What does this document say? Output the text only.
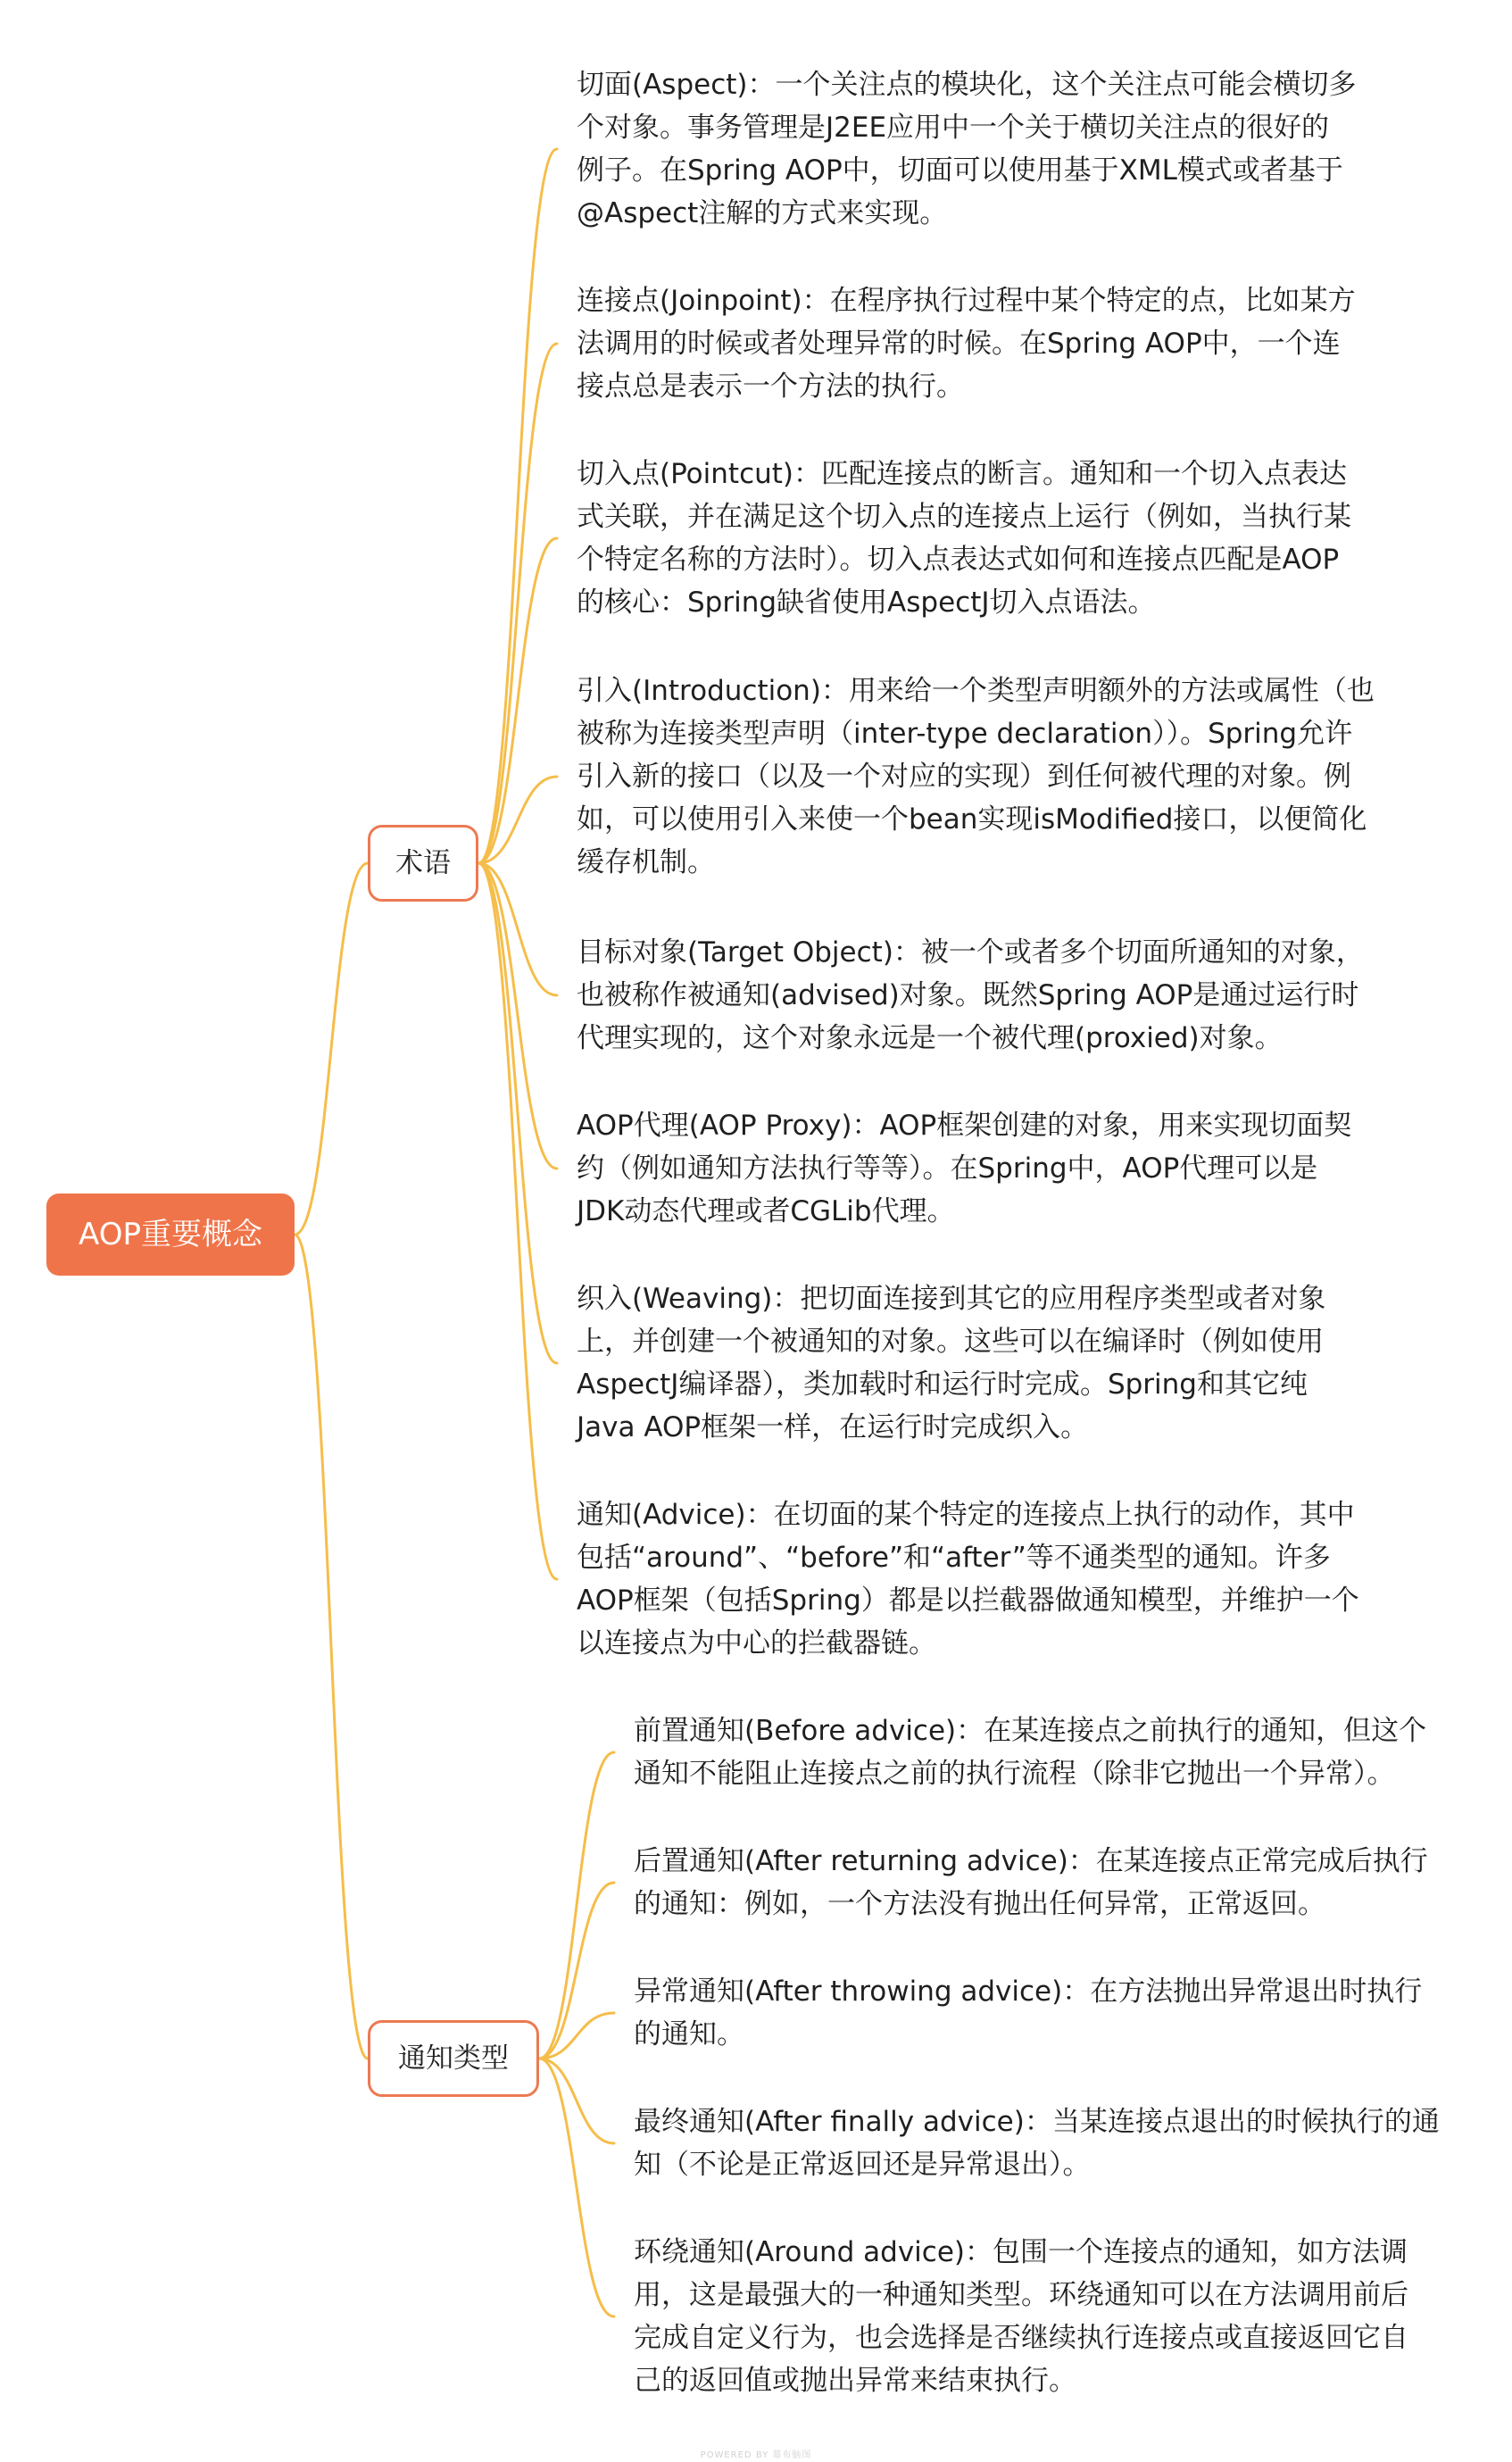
AOP重要概念
术语
通知类型
切面(Aspect)：一个关注点的模块化，这个关注点可能会横切多
个对象。事务管理是J2EE应用中一个关于横切关注点的很好的
例子。在Spring AOP中，切面可以使用基于XML模式或者基于
@Aspect注解的方式来实现。
连接点(Joinpoint)：在程序执行过程中某个特定的点，比如某方
法调用的时候或者处理异常的时候。在Spring AOP中，一个连
接点总是表示一个方法的执行。
切入点(Pointcut)：匹配连接点的断言。通知和一个切入点表达
式关联，并在满足这个切入点的连接点上运行（例如，当执行某
个特定名称的方法时）。切入点表达式如何和连接点匹配是AOP
的核心：Spring缺省使用AspectJ切入点语法。
引入(Introduction)：用来给一个类型声明额外的方法或属性（也
被称为连接类型声明（inter-type declaration））。Spring允许
引入新的接口（以及一个对应的实现）到任何被代理的对象。例
如，可以使用引入来使一个bean实现isModified接口，以便简化
缓存机制。
目标对象(Target Object)：被一个或者多个切面所通知的对象，
也被称作被通知(advised)对象。既然Spring AOP是通过运行时
代理实现的，这个对象永远是一个被代理(proxied)对象。
AOP代理(AOP Proxy)：AOP框架创建的对象，用来实现切面契
约（例如通知方法执行等等）。在Spring中，AOP代理可以是
JDK动态代理或者CGLib代理。
织入(Weaving)：把切面连接到其它的应用程序类型或者对象
上，并创建一个被通知的对象。这些可以在编译时（例如使用
AspectJ编译器），类加载时和运行时完成。Spring和其它纯
Java AOP框架一样，在运行时完成织入。
通知(Advice)：在切面的某个特定的连接点上执行的动作，其中
包括“around”、“before”和“after”等不通类型的通知。许多
AOP框架（包括Spring）都是以拦截器做通知模型，并维护一个
以连接点为中心的拦截器链。
前置通知(Before advice)：在某连接点之前执行的通知，但这个
通知不能阻止连接点之前的执行流程（除非它抛出一个异常）。
后置通知(After returning advice)：在某连接点正常完成后执行
的通知：例如，一个方法没有抛出任何异常，正常返回。
异常通知(After throwing advice)：在方法抛出异常退出时执行
的通知。
最终通知(After finally advice)：当某连接点退出的时候执行的通
知（不论是正常返回还是异常退出）。
环绕通知(Around advice)：包围一个连接点的通知，如方法调
用，这是最强大的一种通知类型。环绕通知可以在方法调用前后
完成自定义行为，也会选择是否继续执行连接点或直接返回它自
己的返回值或抛出异常来结束执行。
POWERED BY 幕布脑图
